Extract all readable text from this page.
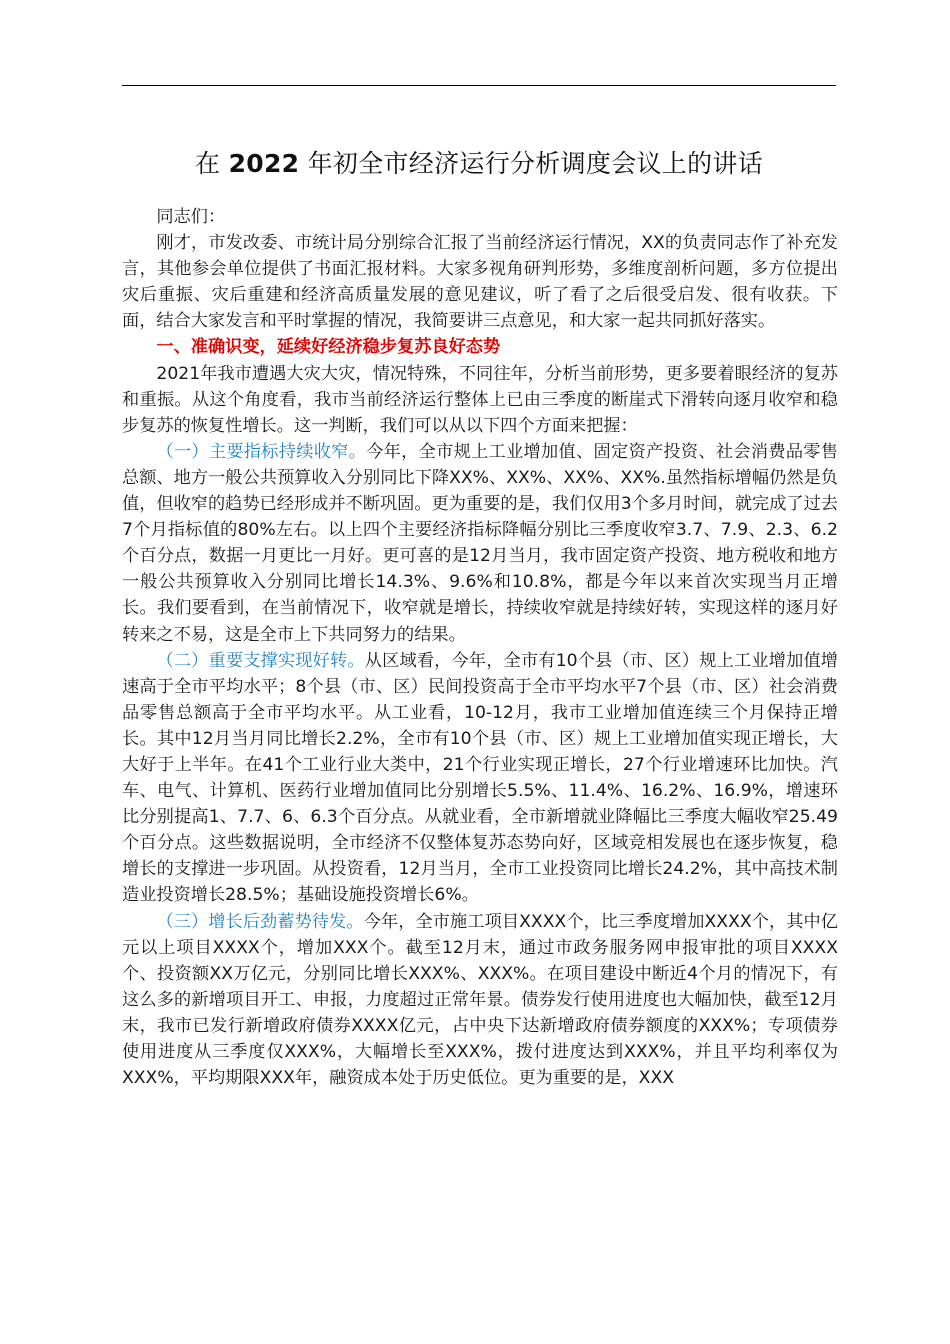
在 2022 年初全市经济运行分析调度会议上的讲话

同志们：

刚才，市发改委、市统计局分别综合汇报了当前经济运行情况，XX的负责同志作了补充发言，其他参会单位提供了书面汇报材料。大家多视角研判形势，多维度剖析问题，多方位提出灾后重振、灾后重建和经济高质量发展的意见建议，听了看了之后很受启发、很有收获。下面，结合大家发言和平时掌握的情况，我简要讲三点意见，和大家一起共同抓好落实。

一、准确识变，延续好经济稳步复苏良好态势

2021年我市遭遇大灾大灾，情况特殊，不同往年，分析当前形势，更多要着眼经济的复苏和重振。从这个角度看，我市当前经济运行整体上已由三季度的断崖式下滑转向逐月收窄和稳步复苏的恢复性增长。这一判断，我们可以从以下四个方面来把握：

（一）主要指标持续收窄。今年，全市规上工业增加值、固定资产投资、社会消费品零售总额、地方一般公共预算收入分别同比下降XX%、XX%、XX%、XX%.虽然指标增幅仍然是负值，但收窄的趋势已经形成并不断巩固。更为重要的是，我们仅用3个多月时间，就完成了过去7个月指标值的80%左右。以上四个主要经济指标降幅分别比三季度收窄3.7、7.9、2.3、6.2个百分点，数据一月更比一月好。更可喜的是12月当月，我市固定资产投资、地方税收和地方一般公共预算收入分别同比增长14.3%、9.6%和10.8%，都是今年以来首次实现当月正增长。我们要看到，在当前情况下，收窄就是增长，持续收窄就是持续好转，实现这样的逐月好转来之不易，这是全市上下共同努力的结果。

（二）重要支撑实现好转。从区域看，今年，全市有10个县（市、区）规上工业增加值增速高于全市平均水平；8个县（市、区）民间投资高于全市平均水平7个县（市、区）社会消费品零售总额高于全市平均水平。从工业看，10-12月，我市工业增加值连续三个月保持正增长。其中12月当月同比增长2.2%，全市有10个县（市、区）规上工业增加值实现正增长，大大好于上半年。在41个工业行业大类中，21个行业实现正增长，27个行业增速环比加快。汽车、电气、计算机、医药行业增加值同比分别增长5.5%、11.4%、16.2%、16.9%，增速环比分别提高1、7.7、6、6.3个百分点。从就业看，全市新增就业降幅比三季度大幅收窄25.49个百分点。这些数据说明，全市经济不仅整体复苏态势向好，区域竞相发展也在逐步恢复，稳增长的支撑进一步巩固。从投资看，12月当月，全市工业投资同比增长24.2%，其中高技术制造业投资增长28.5%；基础设施投资增长6%。

（三）增长后劲蓄势待发。今年，全市施工项目XXXX个，比三季度增加XXXX个，其中亿元以上项目XXXX个，增加XXX个。截至12月末，通过市政务服务网申报审批的项目XXXX个、投资额XX万亿元，分别同比增长XXX%、XXX%。在项目建设中断近4个月的情况下，有这么多的新增项目开工、申报，力度超过正常年景。债券发行使用进度也大幅加快，截至12月末，我市已发行新增政府债券XXXX亿元，占中央下达新增政府债券额度的XXX%；专项债券使用进度从三季度仅XXX%，大幅增长至XXX%，拨付进度达到XXX%，并且平均利率仅为XXX%，平均期限XXX年，融资成本处于历史低位。更为重要的是，XXX
